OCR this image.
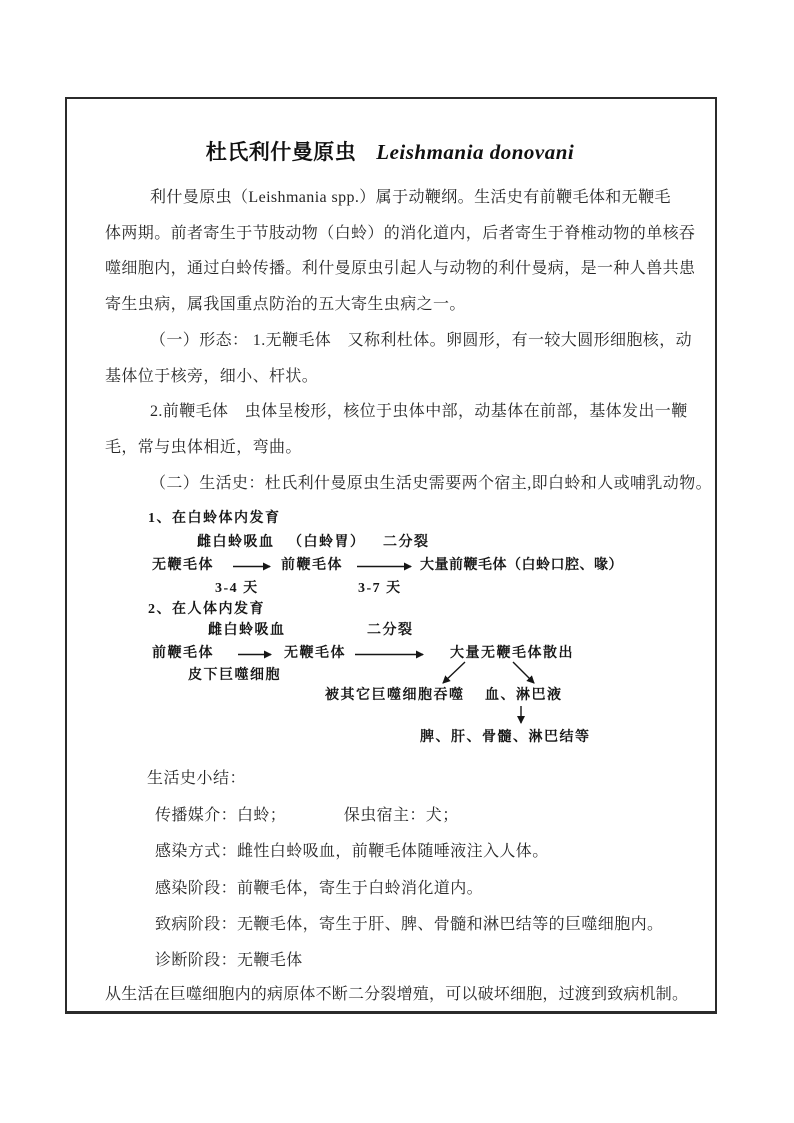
杜氏利什曼原虫 Leishmania donovani
利什曼原虫（Leishmania spp.）属于动鞭纲。生活史有前鞭毛体和无鞭毛
体两期。前者寄生于节肢动物（白蛉）的消化道内，后者寄生于脊椎动物的单核吞
噬细胞内，通过白蛉传播。利什曼原虫引起人与动物的利什曼病，是一种人兽共患
寄生虫病，属我国重点防治的五大寄生虫病之一。
（一）形态： 1.无鞭毛体　又称利杜体。卵圆形，有一较大圆形细胞核，动
基体位于核旁，细小、杆状。
2.前鞭毛体　虫体呈梭形，核位于虫体中部，动基体在前部，基体发出一鞭
毛，常与虫体相近，弯曲。
（二）生活史：杜氏利什曼原虫生活史需要两个宿主,即白蛉和人或哺乳动物。
1、在白蛉体内发育
雌白蛉吸血 （白蛉胃） 二分裂
无鞭毛体	前鞭毛体	大量前鞭毛体（白蛉口腔、喙）
3-4 天	3-7 天
2、在人体内发育
雌白蛉吸血	二分裂
前鞭毛体	无鞭毛体	大量无鞭毛体散出
皮下巨噬细胞
被其它巨噬细胞吞噬 血、淋巴液
脾、肝、骨髓、淋巴结等
生活史小结：
传播媒介：白蛉；　　　　保虫宿主：犬；
感染方式：雌性白蛉吸血，前鞭毛体随唾液注入人体。
感染阶段：前鞭毛体，寄生于白蛉消化道内。
致病阶段：无鞭毛体，寄生于肝、脾、骨髓和淋巴结等的巨噬细胞内。
诊断阶段：无鞭毛体
从生活在巨噬细胞内的病原体不断二分裂增殖，可以破坏细胞，过渡到致病机制。
